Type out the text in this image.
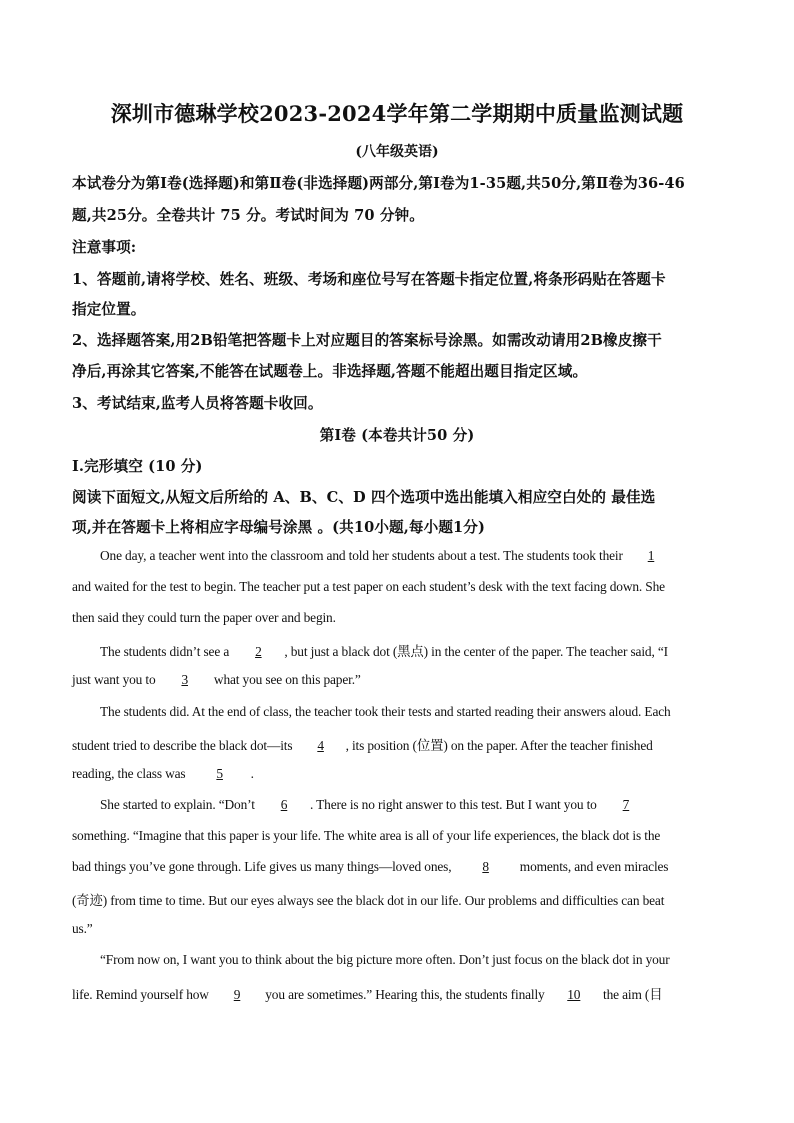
深圳市德琳学校2023-2024学年第二学期期中质量监测试题
(八年级英语)
本试卷分为第Ⅰ卷(选择题)和第Ⅱ卷(非选择题)两部分,第Ⅰ卷为1-35题,共50分,第Ⅱ卷为36-46
题,共25分。全卷共计 75 分。考试时间为 70 分钟。
注意事项:
1、答题前,请将学校、姓名、班级、考场和座位号写在答题卡指定位置,将条形码贴在答题卡
指定位置。
2、选择题答案,用2B铅笔把答题卡上对应题目的答案标号涂黑。如需改动请用2B橡皮擦干
净后,再涂其它答案,不能答在试题卷上。非选择题,答题不能超出题目指定区域。
3、考试结束,监考人员将答题卡收回。
第Ⅰ卷 (本卷共计50 分)
I.完形填空 (10 分)
阅读下面短文,从短文后所给的 A、B、C、D 四个选项中选出能填入相应空白处的 最佳选
项,并在答题卡上将相应字母编号涂黑 。(共10小题,每小题1分)
One day, a teacher went into the classroom and told her students about a test. The students took their 1
and waited for the test to begin. The teacher put a test paper on each student’s desk with the text facing down. She
then said they could turn the paper over and begin.
The students didn’t see a 2 , but just a black dot (黑点) in the center of the paper. The teacher said, “I
just want you to 3 what you see on this paper.”
The students did. At the end of class, the teacher took their tests and started reading their answers aloud. Each
student tried to describe the black dot—its 4 , its position (位置) on the paper. After the teacher finished
reading, the class was 5 .
She started to explain. “Don’t 6 . There is no right answer to this test. But I want you to 7
something. “Imagine that this paper is your life. The white area is all of your life experiences, the black dot is the
bad things you’ve gone through. Life gives us many things—loved ones, 8 moments, and even miracles
(奇迹) from time to time. But our eyes always see the black dot in our life. Our problems and difficulties can beat
us.”
“From now on, I want you to think about the big picture more often. Don’t just focus on the black dot in your
life. Remind yourself how 9 you are sometimes.” Hearing this, the students finally 10 the aim (目
